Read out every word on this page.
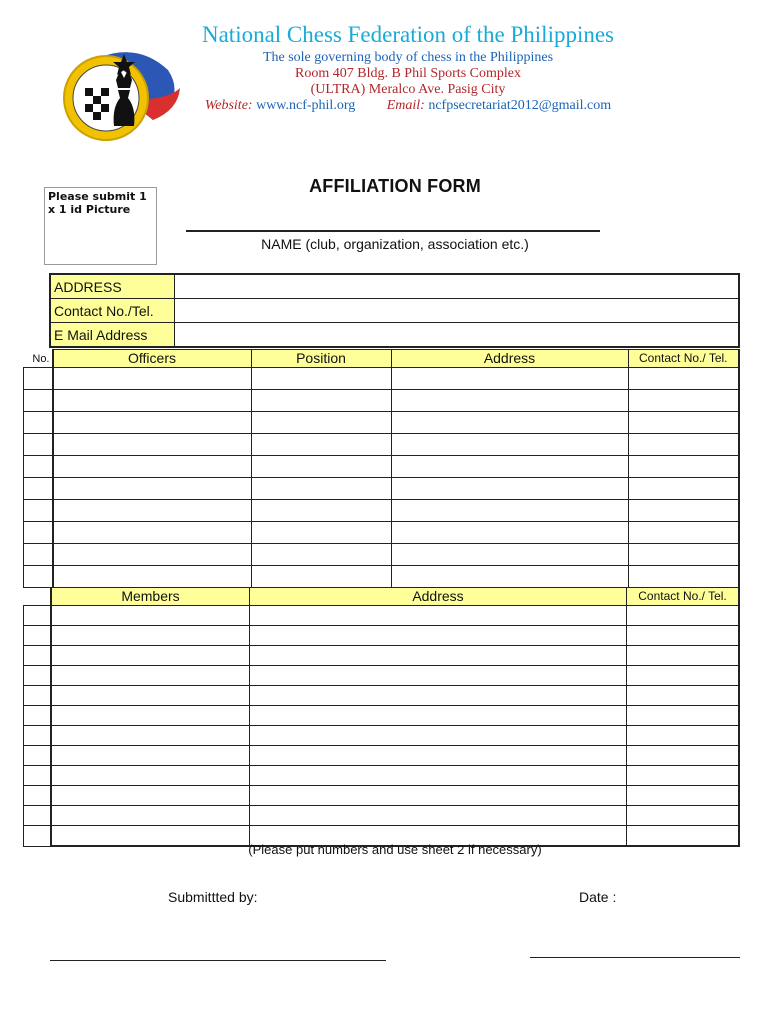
National Chess Federation of the Philippines
The sole governing body of chess in the Philippines
Room 407 Bldg. B Phil Sports Complex
(ULTRA) Meralco Ave. Pasig City
Website: www.ncf-phil.org Email: ncfpsecretariat2012@gmail.com
Please submit 1 x 1 id Picture
AFFILIATION FORM
NAME (club, organization, association etc.)
ADDRESS	
Contact No./Tel.	
E Mail Address	
No.	Officers	Position	Address	Contact No./ Tel.

	Members	Address	Contact No./ Tel.

(Please put numbers and use sheet 2 if necessary)
Submittted by:	Date :
